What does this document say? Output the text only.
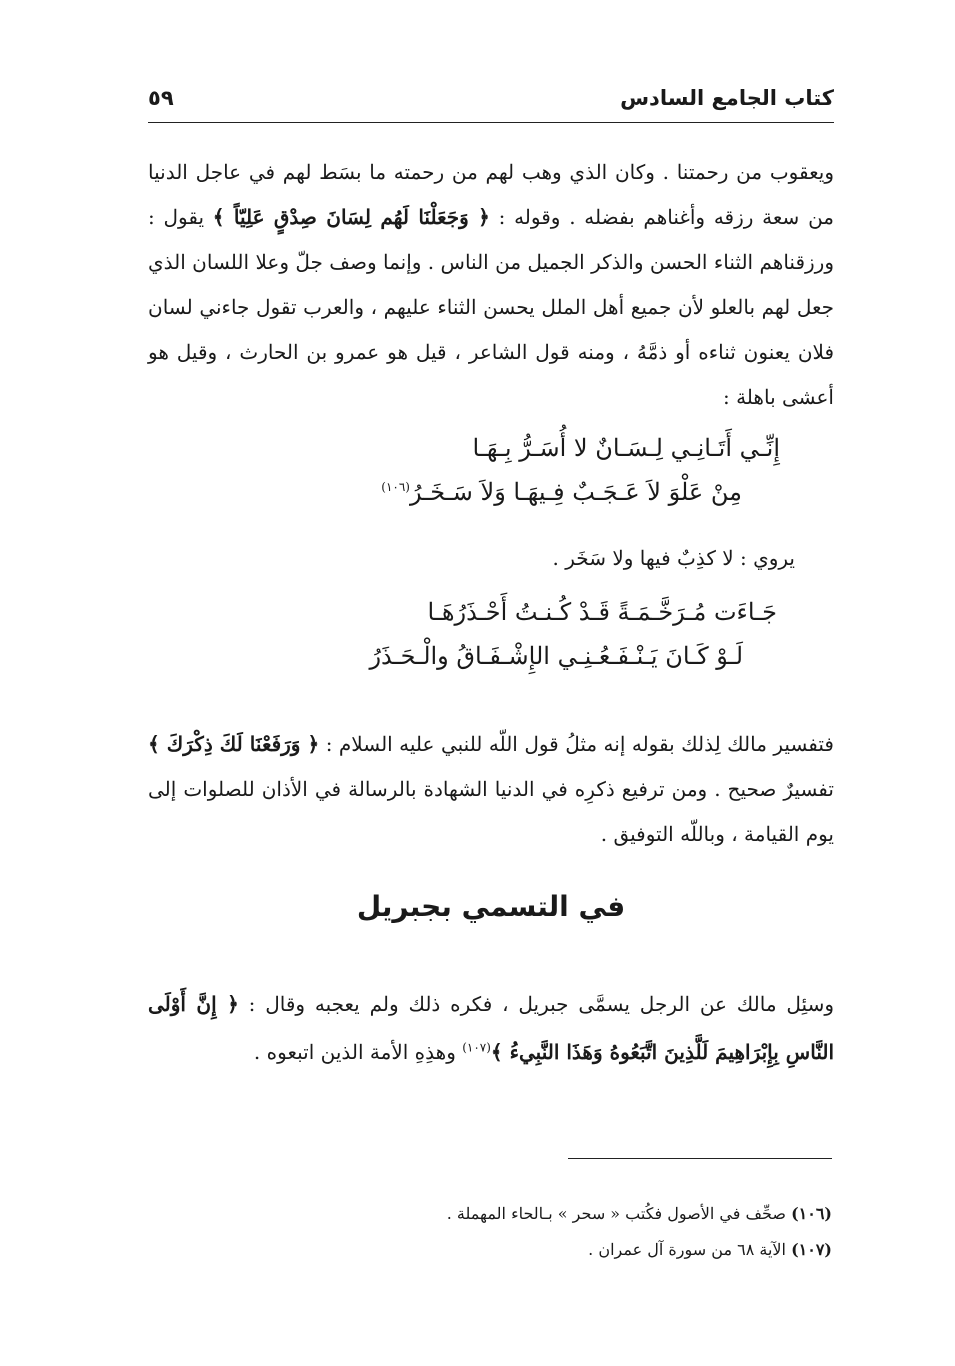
كتاب الجامع السادس
٥٩

ويعقوب من رحمتنا . وكان الذي وهب لهم من رحمته ما بسَط لهم في عاجل الدنيا من سعة رزقه وأغناهم بفضله . وقوله : ﴿ وَجَعَلْنَا لَهُم لِسَانَ صِدْقٍ عَلِيّاً ﴾ يقول : ورزقناهم الثناء الحسن والذكر الجميل من الناس . وإنما وصف جلّ وعلا اللسان الذي جعل لهم بالعلو لأن جميع أهل الملل يحسن الثناء عليهم ، والعرب تقول جاءني لسان فلان يعنون ثناءه أو ذمَّهُ ، ومنه قول الشاعر ، قيل هو عمرو بن الحارث ، وقيل هو أعشى باهلة :

إِنِّـي أَتَـانِـي لِـسَـانٌ لا أُسَـرُّ بِـهَـا
مِنْ عَلْوَ لاَ عَـجَـبٌ فِـيهَـا وَلاَ سَـخَـرُ$^{(١٠٦)}$
يروي : لا كذِبٌ فيها ولا سَخَر .
جَـاءَت مُـرَخَّـمَـةً قَـدْ كُـنـتُ أَحْـذَرُهَـا
لَـوْ كَـانَ يَـنْـفَـعُـنِـي الإِشْـفَـاقُ والْـحَـذَرُ

فتفسير مالك لِذلك بقوله إنه مثلُ قول اللّه للنبي عليه السلام : ﴿ وَرَفَعْنَا لَكَ ذِكْرَكَ ﴾ تفسيرٌ صحيح . ومن ترفيع ذكرِه في الدنيا الشهادة بالرسالة في الأذان للصلوات إلى يوم القيامة ، وباللّه التوفيق .

في التسمي بجبريل

وسئِل مالك عن الرجل يسمَّى جبريل ، فكره ذلك ولم يعجبه وقال : ﴿ إِنَّ أَوْلَى النَّاسِ بِإِبْرَاهِيمَ لَلَّذِينَ اتَّبَعُوهُ وَهَذَا النَّبِيءُ ﴾$^{(١٠٧)}$ وهذِهِ الأمة الذين اتبعوه .

(١٠٦) صحِّف في الأصول فكُتب « سحر » بـالحاء المهملة .
(١٠٧) الآية ٦٨ من سورة آل عمران .
